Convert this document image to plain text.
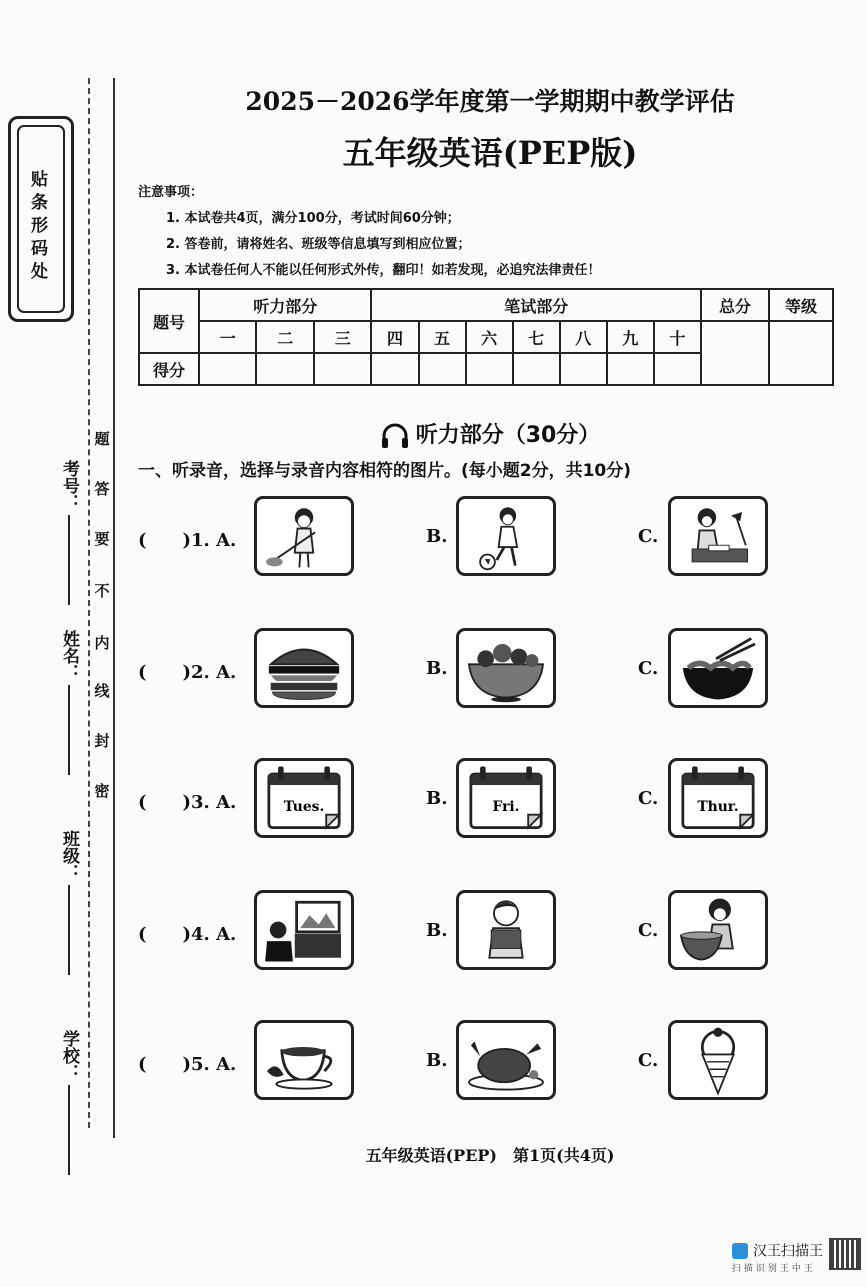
贴条形码处
学校：
班级：
姓名：
考号：
密
封
线
内
不
要
答
题
2025－2026学年度第一学期期中教学评估
五年级英语(PEP版)
注意事项：
1. 本试卷共4页，满分100分，考试时间60分钟；
2. 答卷前，请将姓名、班级等信息填写到相应位置；
3. 本试卷任何人不能以任何形式外传，翻印！如若发现，必追究法律责任！
题号	听力部分			笔试部分							总分	等级
	一	二	三	四	五	六	七	八	九	十		
得分												
听力部分（30分）
一、听录音，选择与录音内容相符的图片。(每小题2分，共10分)
(　　)1. A.	B.	C.
(　　)2. A.	B.	C.
(　　)3. A.	B.	C.
Tues.	Fri.	Thur.
(　　)4. A.	B.	C.
(　　)5. A.	B.	C.
五年级英语(PEP)　第1页(共4页)
汉王扫描王
扫描识别王中王
